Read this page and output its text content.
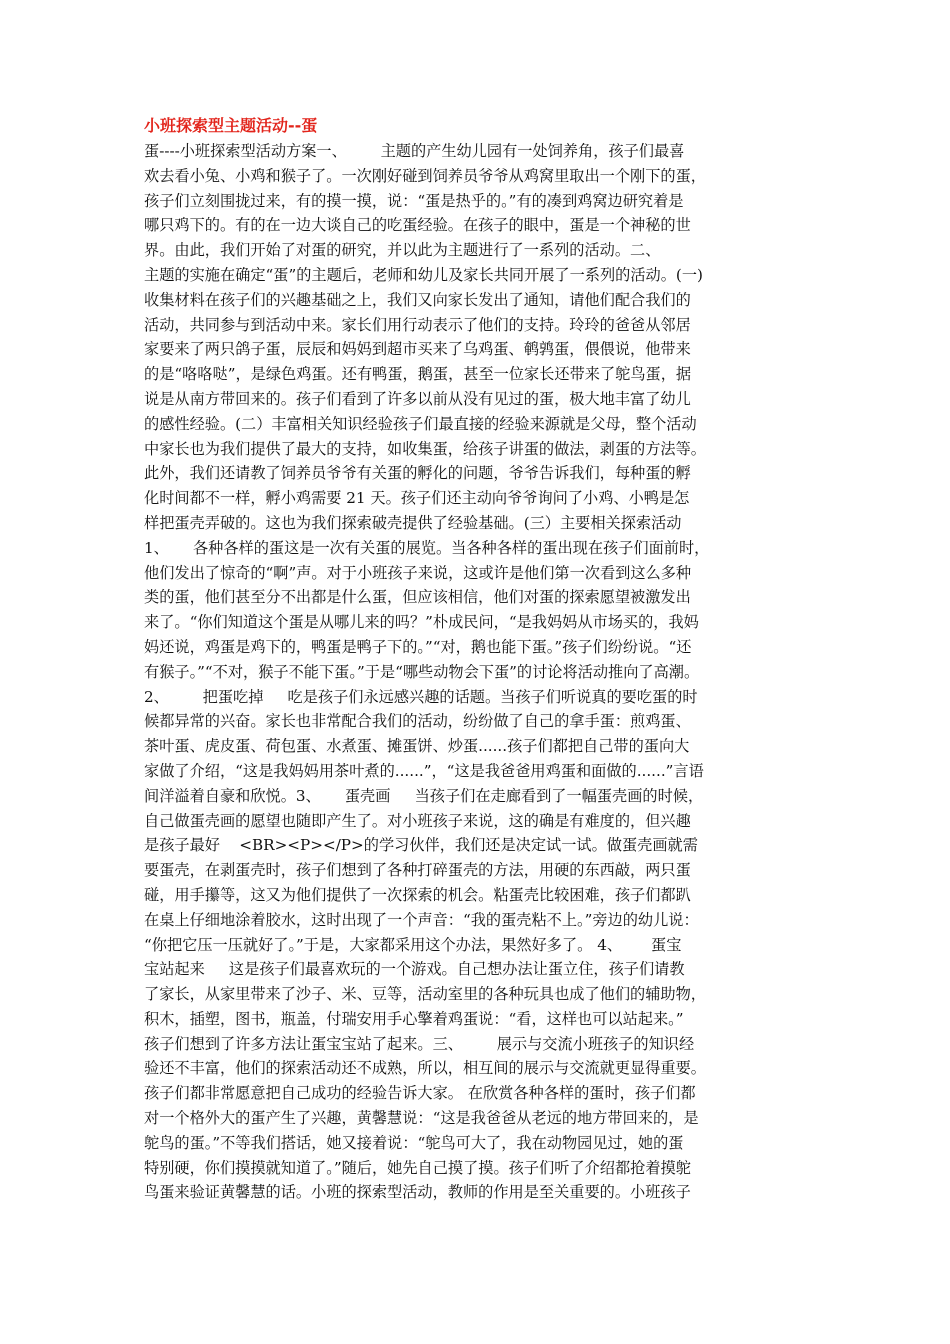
小班探索型主题活动--蛋
蛋----小班探索型活动方案一、       主题的产生幼儿园有一处饲养角，孩子们最喜
欢去看小兔、小鸡和猴子了。一次刚好碰到饲养员爷爷从鸡窝里取出一个刚下的蛋，
孩子们立刻围拢过来，有的摸一摸，说：“蛋是热乎的。”有的凑到鸡窝边研究着是
哪只鸡下的。有的在一边大谈自己的吃蛋经验。在孩子的眼中，蛋是一个神秘的世
界。由此，我们开始了对蛋的研究，并以此为主题进行了一系列的活动。二、
主题的实施在确定“蛋”的主题后，老师和幼儿及家长共同开展了一系列的活动。(一)
收集材料在孩子们的兴趣基础之上，我们又向家长发出了通知，请他们配合我们的
活动，共同参与到活动中来。家长们用行动表示了他们的支持。玲玲的爸爸从邻居
家要来了两只鸽子蛋，辰辰和妈妈到超市买来了乌鸡蛋、鹌鹑蛋，偎偎说，他带来
的是“咯咯哒”，是绿色鸡蛋。还有鸭蛋，鹅蛋，甚至一位家长还带来了鸵鸟蛋，据
说是从南方带回来的。孩子们看到了许多以前从没有见过的蛋，极大地丰富了幼儿
的感性经验。(二）丰富相关知识经验孩子们最直接的经验来源就是父母，整个活动
中家长也为我们提供了最大的支持，如收集蛋，给孩子讲蛋的做法，剥蛋的方法等。
此外，我们还请教了饲养员爷爷有关蛋的孵化的问题，爷爷告诉我们，每种蛋的孵
化时间都不一样，孵小鸡需要 21 天。孩子们还主动向爷爷询问了小鸡、小鸭是怎
样把蛋壳弄破的。这也为我们探索破壳提供了经验基础。(三）主要相关探索活动
1、     各种各样的蛋这是一次有关蛋的展览。当各种各样的蛋出现在孩子们面前时，
他们发出了惊奇的“啊”声。对于小班孩子来说，这或许是他们第一次看到这么多种
类的蛋，他们甚至分不出都是什么蛋，但应该相信，他们对蛋的探索愿望被激发出
来了。“你们知道这个蛋是从哪儿来的吗？”朴成民问，“是我妈妈从市场买的，我妈
妈还说，鸡蛋是鸡下的，鸭蛋是鸭子下的。”“对，鹅也能下蛋。”孩子们纷纷说。“还
有猴子。”“不对，猴子不能下蛋。”于是“哪些动物会下蛋”的讨论将活动推向了高潮。
2、       把蛋吃掉     吃是孩子们永远感兴趣的话题。当孩子们听说真的要吃蛋的时
候都异常的兴奋。家长也非常配合我们的活动，纷纷做了自己的拿手蛋：煎鸡蛋、
茶叶蛋、虎皮蛋、荷包蛋、水煮蛋、摊蛋饼、炒蛋......孩子们都把自己带的蛋向大
家做了介绍，“这是我妈妈用茶叶煮的......”，“这是我爸爸用鸡蛋和面做的......”言语
间洋溢着自豪和欣悦。3、     蛋壳画     当孩子们在走廊看到了一幅蛋壳画的时候，
自己做蛋壳画的愿望也随即产生了。对小班孩子来说，这的确是有难度的，但兴趣
是孩子最好    <BR><P></P>的学习伙伴，我们还是决定试一试。做蛋壳画就需
要蛋壳，在剥蛋壳时，孩子们想到了各种打碎蛋壳的方法，用硬的东西敲，两只蛋
碰，用手攥等，这又为他们提供了一次探索的机会。粘蛋壳比较困难，孩子们都趴
在桌上仔细地涂着胶水，这时出现了一个声音：“我的蛋壳粘不上。”旁边的幼儿说：
“你把它压一压就好了。”于是，大家都采用这个办法，果然好多了。 4、      蛋宝
宝站起来     这是孩子们最喜欢玩的一个游戏。自己想办法让蛋立住，孩子们请教
了家长，从家里带来了沙子、米、豆等，活动室里的各种玩具也成了他们的辅助物，
积木，插塑，图书，瓶盖，付瑞安用手心擎着鸡蛋说：“看，这样也可以站起来。”
孩子们想到了许多方法让蛋宝宝站了起来。三、       展示与交流小班孩子的知识经
验还不丰富，他们的探索活动还不成熟，所以，相互间的展示与交流就更显得重要。
孩子们都非常愿意把自己成功的经验告诉大家。 在欣赏各种各样的蛋时，孩子们都
对一个格外大的蛋产生了兴趣，黄馨慧说：“这是我爸爸从老远的地方带回来的，是
鸵鸟的蛋。”不等我们搭话，她又接着说：“鸵鸟可大了，我在动物园见过，她的蛋
特别硬，你们摸摸就知道了。”随后，她先自己摸了摸。孩子们听了介绍都抢着摸鸵
鸟蛋来验证黄馨慧的话。小班的探索型活动，教师的作用是至关重要的。小班孩子
